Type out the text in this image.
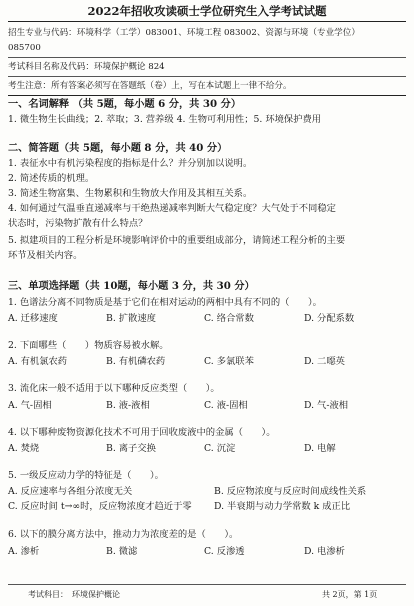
2022年招收攻读硕士学位研究生入学考试试题
招生专业与代码：环境科学（工学）083001、环境工程 083002、资源与环境（专业学位）
085700
考试科目名称及代码：环境保护概论 824
考生注意：所有答案必须写在答题纸（卷）上，写在本试题上一律不给分。
一、名词解释 （共 5题，每小题 6 分，共 30 分）
1. 微生物生长曲线；2. 萃取；3. 营养级 4. 生物可利用性；5. 环境保护费用
二、简答题（共 5题，每小题 8 分，共 40 分）
1. 表征水中有机污染程度的指标是什么？并分别加以说明。
2. 简述传质的机理。
3. 简述生物富集、生物累积和生物放大作用及其相互关系。
4. 如何通过气温垂直递减率与干绝热递减率判断大气稳定度？大气处于不同稳定
状态时，污染物扩散有什么特点？
5. 拟建项目的工程分析是环境影响评价中的重要组成部分，请简述工程分析的主要
环节及相关内容。
三、单项选择题（共 10题，每小题 3 分，共 30 分）
1. 色谱法分离不同物质是基于它们在相对运动的两相中具有不同的（　　）。
A. 迁移速度	B. 扩散速度	C. 络合常数	D. 分配系数
2. 下面哪些（　　）物质容易被水解。
A. 有机氯农药	B. 有机磷农药	C. 多氯联苯	D. 二噁英
3. 流化床一般不适用于以下哪种反应类型（　　）。
A. 气-固相	B. 液-液相	C. 液-固相	D. 气-液相
4. 以下哪种废物资源化技术不可用于回收废液中的金属（　　）。
A. 焚烧	B. 离子交换	C. 沉淀	D. 电解
5. 一级反应动力学的特征是（　　）。
A. 反应速率与各组分浓度无关	B. 反应物浓度与反应时间成线性关系
C. 反应时间 t→∞时，反应物浓度才趋近于零 D. 半衰期与动力学常数 k 成正比
6. 以下的膜分离方法中，推动力为浓度差的是（　　）。
A. 渗析	B. 微滤	C. 反渗透	D. 电渗析
考试科目：　环境保护概论	共 2页，第 1页
